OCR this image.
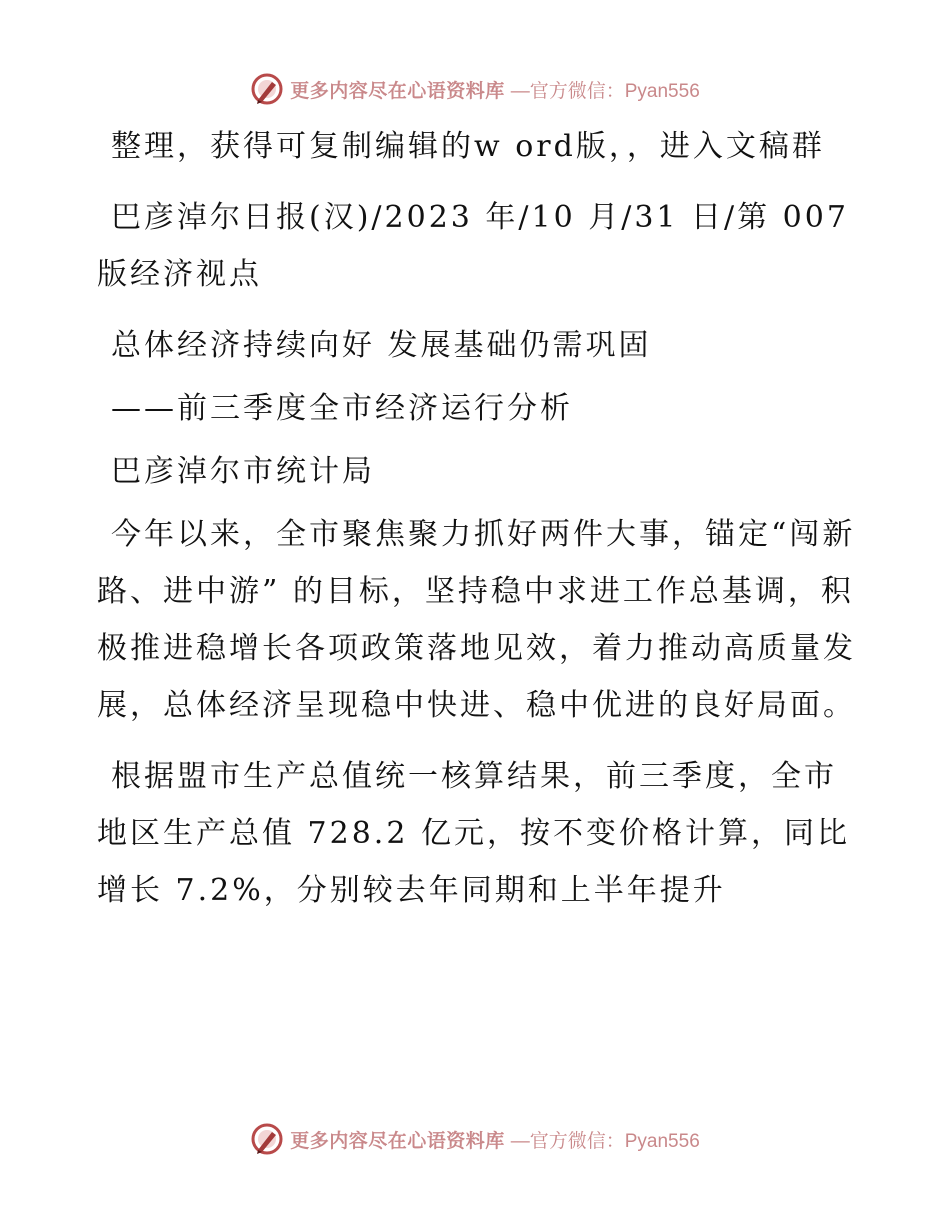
更多内容尽在心语资料库 —官方微信：Pyan556

整理，获得可复制编辑的w ord版，，进入文稿群

巴彦淖尔日报(汉)/2023 年/10 月/31 日/第 007 版经济视点

总体经济持续向好 发展基础仍需巩固

——前三季度全市经济运行分析

巴彦淖尔市统计局

今年以来，全市聚焦聚力抓好两件大事，锚定“闯新路、进中游” 的目标，坚持稳中求进工作总基调，积极推进稳增长各项政策落地见效，着力推动高质量发展，总体经济呈现稳中快进、稳中优进的良好局面。

根据盟市生产总值统一核算结果，前三季度，全市地区生产总值 728.2 亿元，按不变价格计算，同比增长 7.2%，分别较去年同期和上半年提升

更多内容尽在心语资料库 —官方微信：Pyan556
